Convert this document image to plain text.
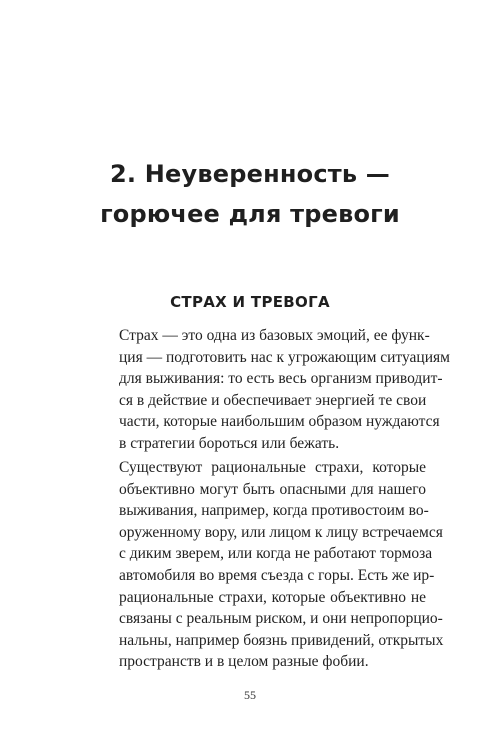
2. Неуверенность —
горючее для тревоги
СТРАХ И ТРЕВОГА
Страх — это одна из базовых эмоций, ее функ-
ция — подготовить нас к угрожающим ситуациям
для выживания: то есть весь организм приводит-
ся в действие и обеспечивает энергией те свои
части, которые наибольшим образом нуждаются
в стратегии бороться или бежать.
Существуют рациональные страхи, которые
объективно могут быть опасными для нашего
выживания, например, когда противостоим во-
оруженному вору, или лицом к лицу встречаемся
с диким зверем, или когда не работают тормоза
автомобиля во время съезда с горы. Есть же ир-
рациональные страхи, которые объективно не
связаны с реальным риском, и они непропорцио-
нальны, например боязнь привидений, открытых
пространств и в целом разные фобии.
55
